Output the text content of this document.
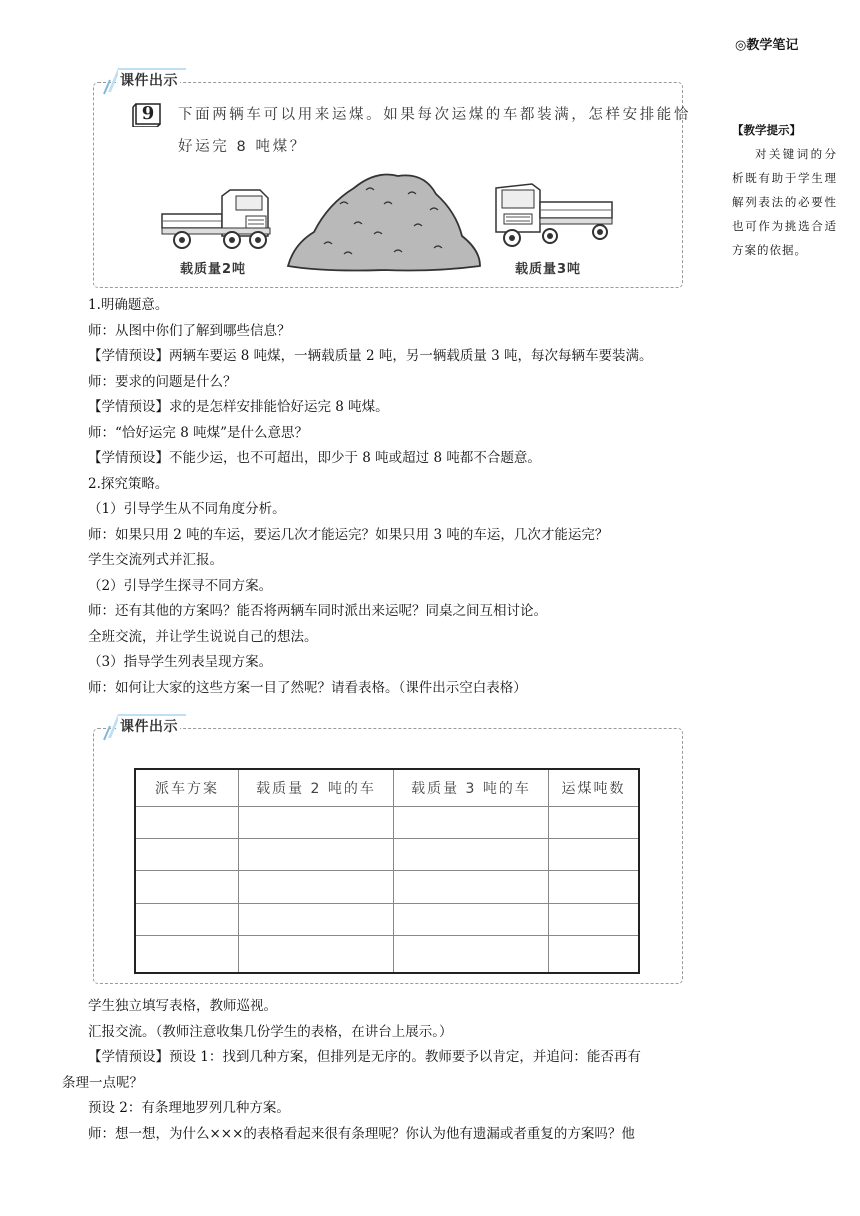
◎教学笔记
【教学提示】

对关键词的分析既有助于学生理解列表法的必要性也可作为挑选合适方案的依据。

课件出示
9	下面两辆车可以用来运煤。如果每次运煤的车都装满，怎样安排能恰
好运完 8 吨煤？
载质量2吨	载质量3吨
1.明确题意。
师：从图中你们了解到哪些信息？
【学情预设】两辆车要运 8 吨煤，一辆载质量 2 吨，另一辆载质量 3 吨，每次每辆车要装满。
师：要求的问题是什么？
【学情预设】求的是怎样安排能恰好运完 8 吨煤。
师：“恰好运完 8 吨煤”是什么意思？
【学情预设】不能少运，也不可超出，即少于 8 吨或超过 8 吨都不合题意。
2.探究策略。
（1）引导学生从不同角度分析。
师：如果只用 2 吨的车运，要运几次才能运完？如果只用 3 吨的车运，几次才能运完？
学生交流列式并汇报。
（2）引导学生探寻不同方案。
师：还有其他的方案吗？能否将两辆车同时派出来运呢？同桌之间互相讨论。
全班交流，并让学生说说自己的想法。
（3）指导学生列表呈现方案。
师：如何让大家的这些方案一目了然呢？请看表格。（课件出示空白表格）
课件出示
派车方案	载质量 2 吨的车	载质量 3 吨的车	运煤吨数

学生独立填写表格，教师巡视。
汇报交流。（教师注意收集几份学生的表格，在讲台上展示。）
【学情预设】预设 1：找到几种方案，但排列是无序的。教师要予以肯定，并追问：能否再有
条理一点呢？
预设 2：有条理地罗列几种方案。
师：想一想，为什么×××的表格看起来很有条理呢？你认为他有遗漏或者重复的方案吗？他
